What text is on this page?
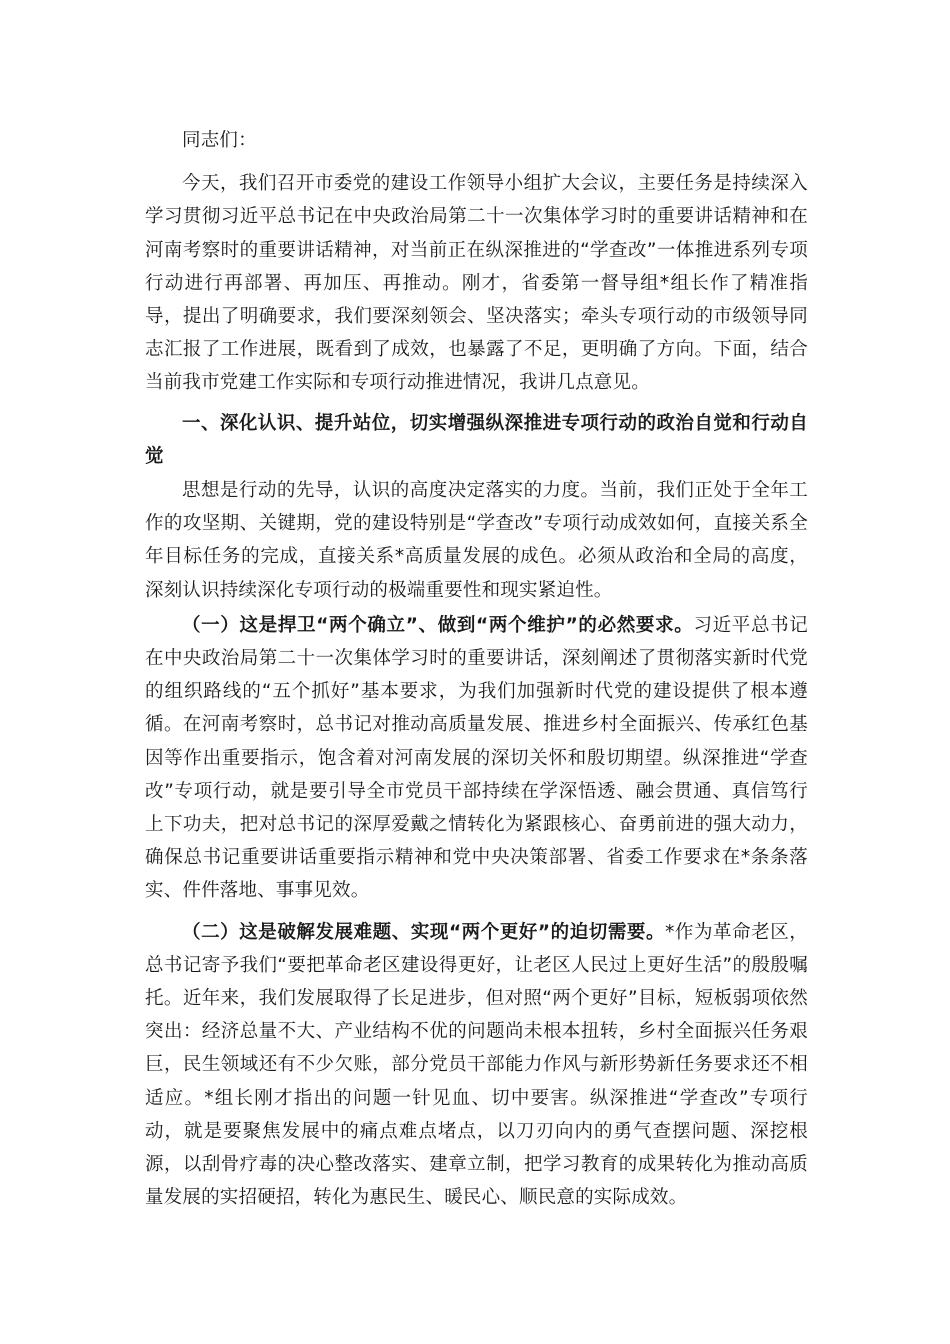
同志们：

今天，我们召开市委党的建设工作领导小组扩大会议，主要任务是持续深入学习贯彻习近平总书记在中央政治局第二十一次集体学习时的重要讲话精神和在河南考察时的重要讲话精神，对当前正在纵深推进的“学查改”一体推进系列专项行动进行再部署、再加压、再推动。刚才，省委第一督导组*组长作了精准指导，提出了明确要求，我们要深刻领会、坚决落实；牵头专项行动的市级领导同志汇报了工作进展，既看到了成效，也暴露了不足，更明确了方向。下面，结合当前我市党建工作实际和专项行动推进情况，我讲几点意见。

一、深化认识、提升站位，切实增强纵深推进专项行动的政治自觉和行动自觉

思想是行动的先导，认识的高度决定落实的力度。当前，我们正处于全年工作的攻坚期、关键期，党的建设特别是“学查改”专项行动成效如何，直接关系全年目标任务的完成，直接关系*高质量发展的成色。必须从政治和全局的高度，深刻认识持续深化专项行动的极端重要性和现实紧迫性。

（一）这是捍卫“两个确立”、做到“两个维护”的必然要求。习近平总书记在中央政治局第二十一次集体学习时的重要讲话，深刻阐述了贯彻落实新时代党的组织路线的“五个抓好”基本要求，为我们加强新时代党的建设提供了根本遵循。在河南考察时，总书记对推动高质量发展、推进乡村全面振兴、传承红色基因等作出重要指示，饱含着对河南发展的深切关怀和殷切期望。纵深推进“学查改”专项行动，就是要引导全市党员干部持续在学深悟透、融会贯通、真信笃行上下功夫，把对总书记的深厚爱戴之情转化为紧跟核心、奋勇前进的强大动力，确保总书记重要讲话重要指示精神和党中央决策部署、省委工作要求在*条条落实、件件落地、事事见效。

（二）这是破解发展难题、实现“两个更好”的迫切需要。*作为革命老区，总书记寄予我们“要把革命老区建设得更好，让老区人民过上更好生活”的殷殷嘱托。近年来，我们发展取得了长足进步，但对照“两个更好”目标，短板弱项依然突出：经济总量不大、产业结构不优的问题尚未根本扭转，乡村全面振兴任务艰巨，民生领域还有不少欠账，部分党员干部能力作风与新形势新任务要求还不相适应。*组长刚才指出的问题一针见血、切中要害。纵深推进“学查改”专项行动，就是要聚焦发展中的痛点难点堵点，以刀刃向内的勇气查摆问题、深挖根源，以刮骨疗毒的决心整改落实、建章立制，把学习教育的成果转化为推动高质量发展的实招硬招，转化为惠民生、暖民心、顺民意的实际成效。
